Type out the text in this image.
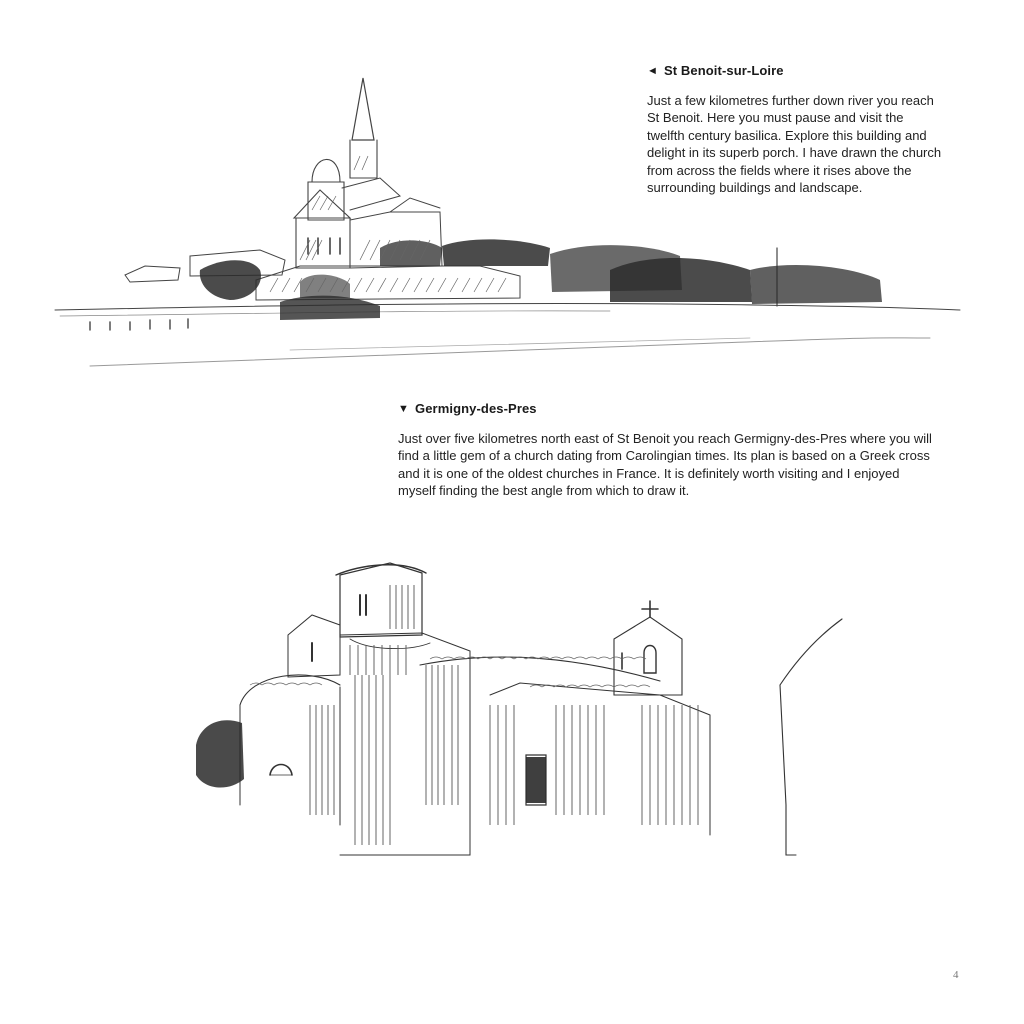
◄ St Benoit-sur-Loire

Just a few kilometres further down river you reach St Benoit. Here you must pause and visit the twelfth century basilica. Explore this building and delight in its superb porch. I have drawn the church from across the fields where it rises above the surrounding buildings and landscape.

▼ Germigny-des-Pres

Just over five kilometres north east of St Benoit you reach Germigny-des-Pres where you will find a little gem of a church dating from Carolingian times. Its plan is based on a Greek cross and it is one of the oldest churches in France. It is definitely worth visiting and I enjoyed myself finding the best angle from which to draw it.

4
